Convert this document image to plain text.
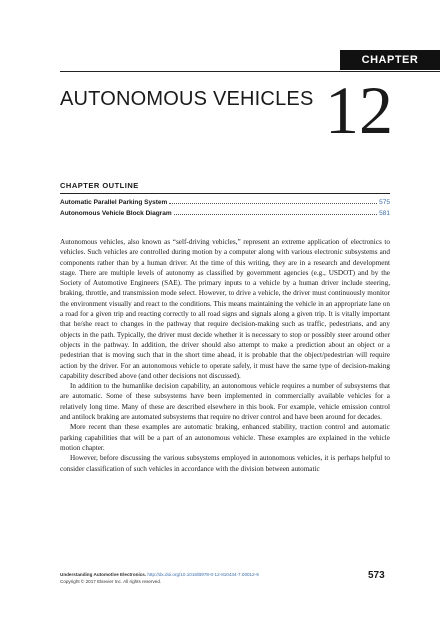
CHAPTER
AUTONOMOUS VEHICLES 12
CHAPTER OUTLINE
Automatic Parallel Parking System	575
Autonomous Vehicle Block Diagram	581

Autonomous vehicles, also known as “self-driving vehicles,” represent an extreme application of electronics to vehicles. Such vehicles are controlled during motion by a computer along with various electronic subsystems and components rather than by a human driver. At the time of this writing, they are in a research and development stage. There are multiple levels of autonomy as classified by government agencies (e.g., USDOT) and by the Society of Automotive Engineers (SAE). The primary inputs to a vehicle by a human driver include steering, braking, throttle, and transmission mode select. However, to drive a vehicle, the driver must continuously monitor the environment visually and react to the conditions. This means maintaining the vehicle in an appropriate lane on a road for a given trip and reacting correctly to all road signs and signals along a given trip. It is vitally important that he/she react to changes in the pathway that require decision-making such as traffic, pedestrians, and any objects in the path. Typically, the driver must decide whether it is necessary to stop or possibly steer around other objects in the pathway. In addition, the driver should also attempt to make a prediction about an object or a pedestrian that is moving such that in the short time ahead, it is probable that the object/pedestrian will require action by the driver. For an autonomous vehicle to operate safely, it must have the same type of decision-making capability described above (and other decisions not discussed).

In addition to the humanlike decision capability, an autonomous vehicle requires a number of subsystems that are automatic. Some of these subsystems have been implemented in commercially available vehicles for a relatively long time. Many of these are described elsewhere in this book. For example, vehicle emission control and antilock braking are automated subsystems that require no driver control and have been around for decades.

More recent than these examples are automatic braking, enhanced stability, traction control and automatic parking capabilities that will be a part of an autonomous vehicle. These examples are explained in the vehicle motion chapter.

However, before discussing the various subsystems employed in autonomous vehicles, it is perhaps helpful to consider classification of such vehicles in accordance with the division between automatic

Understanding Automotive Electronics. http://dx.doi.org/10.1016/B978-0-12-810434-7.00012-9
Copyright © 2017 Elsevier Inc. All rights reserved.
573
